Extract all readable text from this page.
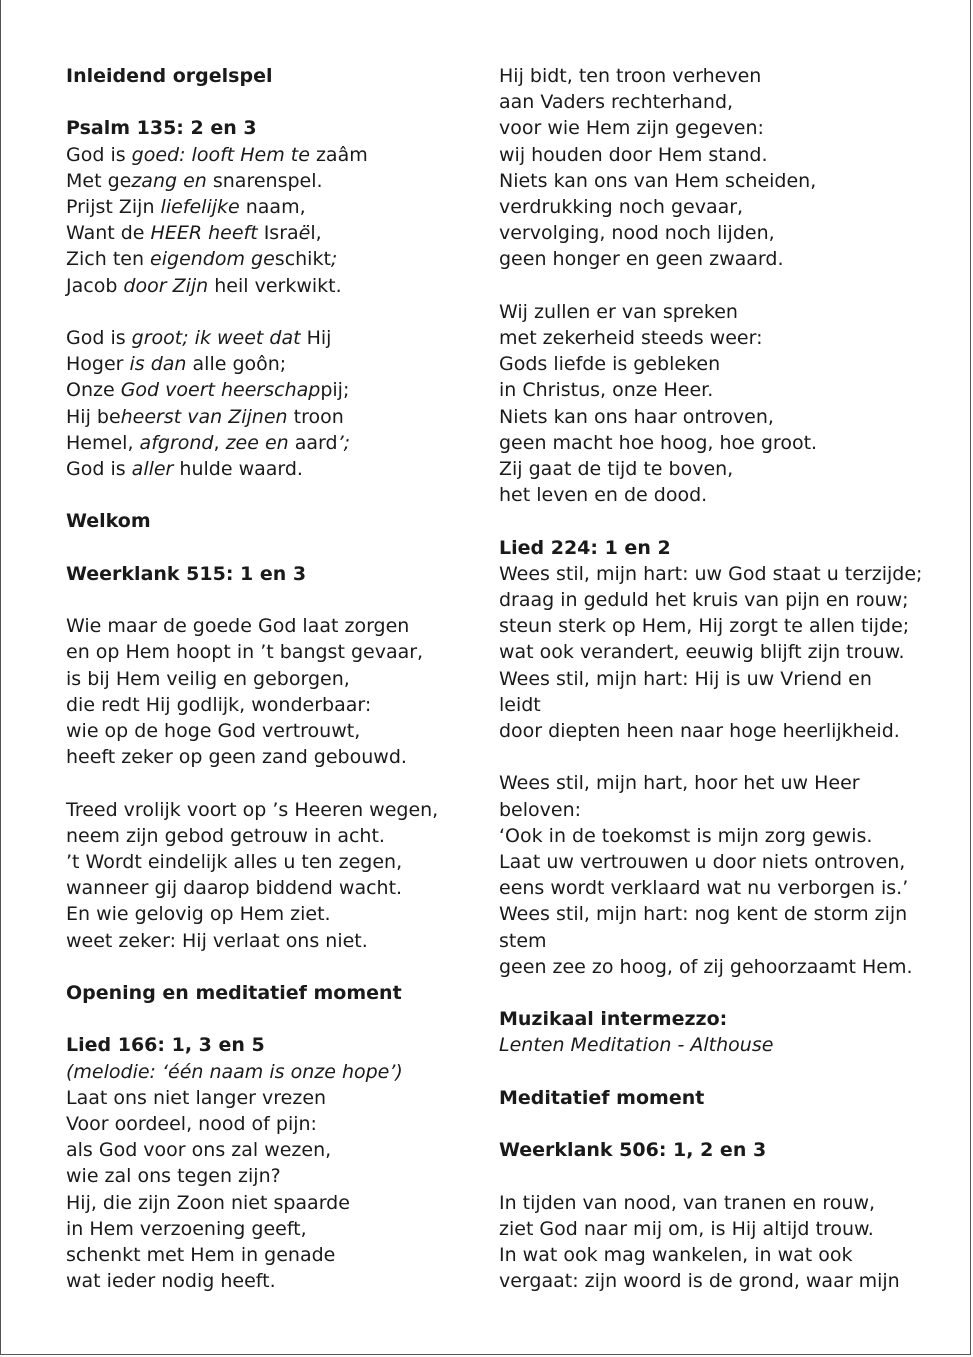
Inleidend orgelspel
Psalm 135: 2 en 3
God is goed: looft Hem te zaâm
Met gezang en snarenspel.
Prijst Zijn liefelijke naam,
Want de HEER heeft Israël,
Zich ten eigendom geschikt;
Jacob door Zijn heil verkwikt.
God is groot; ik weet dat Hij
Hoger is dan alle goôn;
Onze God voert heerschappij;
Hij beheerst van Zijnen troon
Hemel, afgrond, zee en aard’;
God is aller hulde waard.
Welkom
Weerklank 515: 1 en 3
Wie maar de goede God laat zorgen
en op Hem hoopt in ’t bangst gevaar,
is bij Hem veilig en geborgen,
die redt Hij godlijk, wonderbaar:
wie op de hoge God vertrouwt,
heeft zeker op geen zand gebouwd.
Treed vrolijk voort op ’s Heeren wegen,
neem zijn gebod getrouw in acht.
’t Wordt eindelijk alles u ten zegen,
wanneer gij daarop biddend wacht.
En wie gelovig op Hem ziet.
weet zeker: Hij verlaat ons niet.
Opening en meditatief moment
Lied 166: 1, 3 en 5
(melodie: ‘één naam is onze hope’)
Laat ons niet langer vrezen
Voor oordeel, nood of pijn:
als God voor ons zal wezen,
wie zal ons tegen zijn?
Hij, die zijn Zoon niet spaarde
in Hem verzoening geeft,
schenkt met Hem in genade
wat ieder nodig heeft.
Hij bidt, ten troon verheven
aan Vaders rechterhand,
voor wie Hem zijn gegeven:
wij houden door Hem stand.
Niets kan ons van Hem scheiden,
verdrukking noch gevaar,
vervolging, nood noch lijden,
geen honger en geen zwaard.
Wij zullen er van spreken
met zekerheid steeds weer:
Gods liefde is gebleken
in Christus, onze Heer.
Niets kan ons haar ontroven,
geen macht hoe hoog, hoe groot.
Zij gaat de tijd te boven,
het leven en de dood.
Lied 224: 1 en 2
Wees stil, mijn hart: uw God staat u terzijde;
draag in geduld het kruis van pijn en rouw;
steun sterk op Hem, Hij zorgt te allen tijde;
wat ook verandert, eeuwig blijft zijn trouw.
Wees stil, mijn hart: Hij is uw Vriend en
leidt
door diepten heen naar hoge heerlijkheid.
Wees stil, mijn hart, hoor het uw Heer
beloven:
‘Ook in de toekomst is mijn zorg gewis.
Laat uw vertrouwen u door niets ontroven,
eens wordt verklaard wat nu verborgen is.’
Wees stil, mijn hart: nog kent de storm zijn
stem
geen zee zo hoog, of zij gehoorzaamt Hem.
Muzikaal intermezzo:
Lenten Meditation - Althouse
Meditatief moment
Weerklank 506: 1, 2 en 3
In tijden van nood, van tranen en rouw,
ziet God naar mij om, is Hij altijd trouw.
In wat ook mag wankelen, in wat ook
vergaat: zijn woord is de grond, waar mijn
